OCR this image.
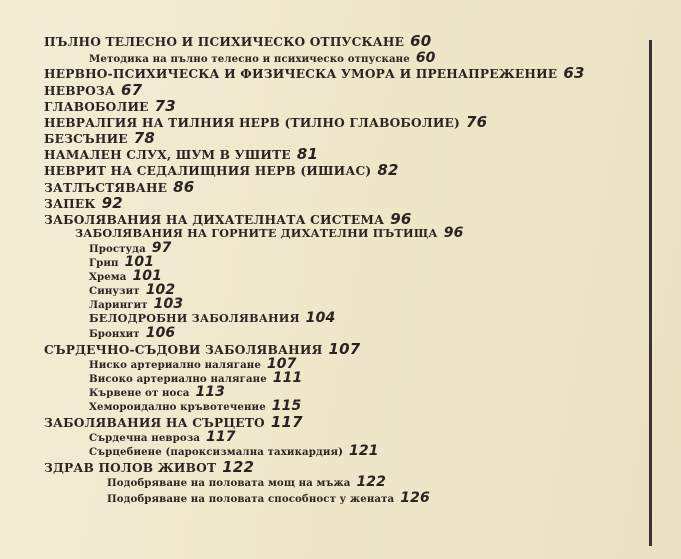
ПЪЛНО ТЕЛЕСНО И ПСИХИЧЕСКО ОТПУСКАНЕ 60
Методика на пълно телесно и психическо отпускане 60
НЕРВНО-ПСИХИЧЕСКА И ФИЗИЧЕСКА УМОРА И ПРЕНАПРЕЖЕНИЕ 63
НЕВРОЗА 67
ГЛАВОБОЛИЕ 73
НЕВРАЛГИЯ НА ТИЛНИЯ НЕРВ (ТИЛНО ГЛАВОБОЛИЕ) 76
БЕЗСЪНИЕ 78
НАМАЛЕН СЛУХ, ШУМ В УШИТЕ 81
НЕВРИТ НА СЕДАЛИЩНИЯ НЕРВ (ИШИАС) 82
ЗАТЛЪСТЯВАНЕ 86
ЗАПЕК 92
ЗАБОЛЯВАНИЯ НА ДИХАТЕЛНАТА СИСТЕМА 96
ЗАБОЛЯВАНИЯ НА ГОРНИТЕ ДИХАТЕЛНИ ПЪТИЩА 96
Простуда 97
Грип 101
Хрема 101
Синузит 102
Ларингит 103
БЕЛОДРОБНИ ЗАБОЛЯВАНИЯ 104
Бронхит 106
СЪРДЕЧНО-СЪДОВИ ЗАБОЛЯВАНИЯ 107
Ниско артериално налягане 107
Високо артериално налягане 111
Кървене от носа 113
Хемороидално кръвотечение 115
ЗАБОЛЯВАНИЯ НА СЪРЦЕТО 117
Сърдечна невроза 117
Сърцебиене (пароксизмална тахикардия) 121
ЗДРАВ ПОЛОВ ЖИВОТ 122
Подобряване на половата мощ на мъжа 122
Подобряване на половата способност у жената 126
